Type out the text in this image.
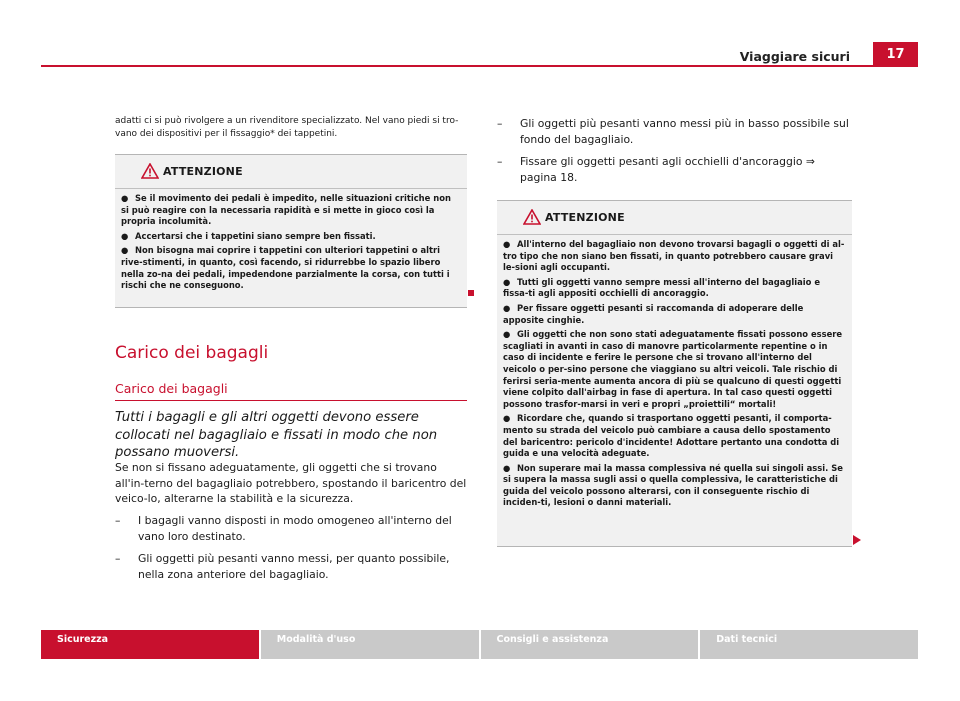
Viaggiare sicuri	17

adatti ci si può rivolgere a un rivenditore specializzato. Nel vano piedi si tro-vano dei dispositivi per il fissaggio* dei tappetini.

ATTENZIONE

● Se il movimento dei pedali è impedito, nelle situazioni critiche non si può reagire con la necessaria rapidità e si mette in gioco così la propria incolumità.

● Accertarsi che i tappetini siano sempre ben fissati.

● Non bisogna mai coprire i tappetini con ulteriori tappetini o altri rive-stimenti, in quanto, così facendo, si ridurrebbe lo spazio libero nella zo-na dei pedali, impedendone parzialmente la corsa, con tutti i rischi che ne conseguono.

Carico dei bagagli
Carico dei bagagli

Tutti i bagagli e gli altri oggetti devono essere collocati nel bagagliaio e fissati in modo che non possano muoversi.

Se non si fissano adeguatamente, gli oggetti che si trovano all'in-terno del bagagliaio potrebbero, spostando il baricentro del veico-lo, alterarne la stabilità e la sicurezza.

– I bagagli vanno disposti in modo omogeneo all'interno del vano loro destinato.
– Gli oggetti più pesanti vanno messi, per quanto possibile, nella zona anteriore del bagagliaio.
– Gli oggetti più pesanti vanno messi più in basso possibile sul fondo del bagagliaio.
– Fissare gli oggetti pesanti agli occhielli d'ancoraggio ⇒ pagina 18.
ATTENZIONE

● All'interno del bagagliaio non devono trovarsi bagagli o oggetti di al-tro tipo che non siano ben fissati, in quanto potrebbero causare gravi le-sioni agli occupanti.

● Tutti gli oggetti vanno sempre messi all'interno del bagagliaio e fissa-ti agli appositi occhielli di ancoraggio.

● Per fissare oggetti pesanti si raccomanda di adoperare delle apposite cinghie.

● Gli oggetti che non sono stati adeguatamente fissati possono essere scagliati in avanti in caso di manovre particolarmente repentine o in caso di incidente e ferire le persone che si trovano all'interno del veicolo o per-sino persone che viaggiano su altri veicoli. Tale rischio di ferirsi seria-mente aumenta ancora di più se qualcuno di questi oggetti viene colpito dall'airbag in fase di apertura. In tal caso questi oggetti possono trasfor-marsi in veri e propri „proiettili“ mortali!

● Ricordare che, quando si trasportano oggetti pesanti, il comporta-mento su strada del veicolo può cambiare a causa dello spostamento del baricentro: pericolo d'incidente! Adottare pertanto una condotta di guida e una velocità adeguate.

● Non superare mai la massa complessiva né quella sui singoli assi. Se si supera la massa sugli assi o quella complessiva, le caratteristiche di guida del veicolo possono alterarsi, con il conseguente rischio di inciden-ti, lesioni o danni materiali.

Sicurezza	Modalità d'uso	Consigli e assistenza	Dati tecnici
